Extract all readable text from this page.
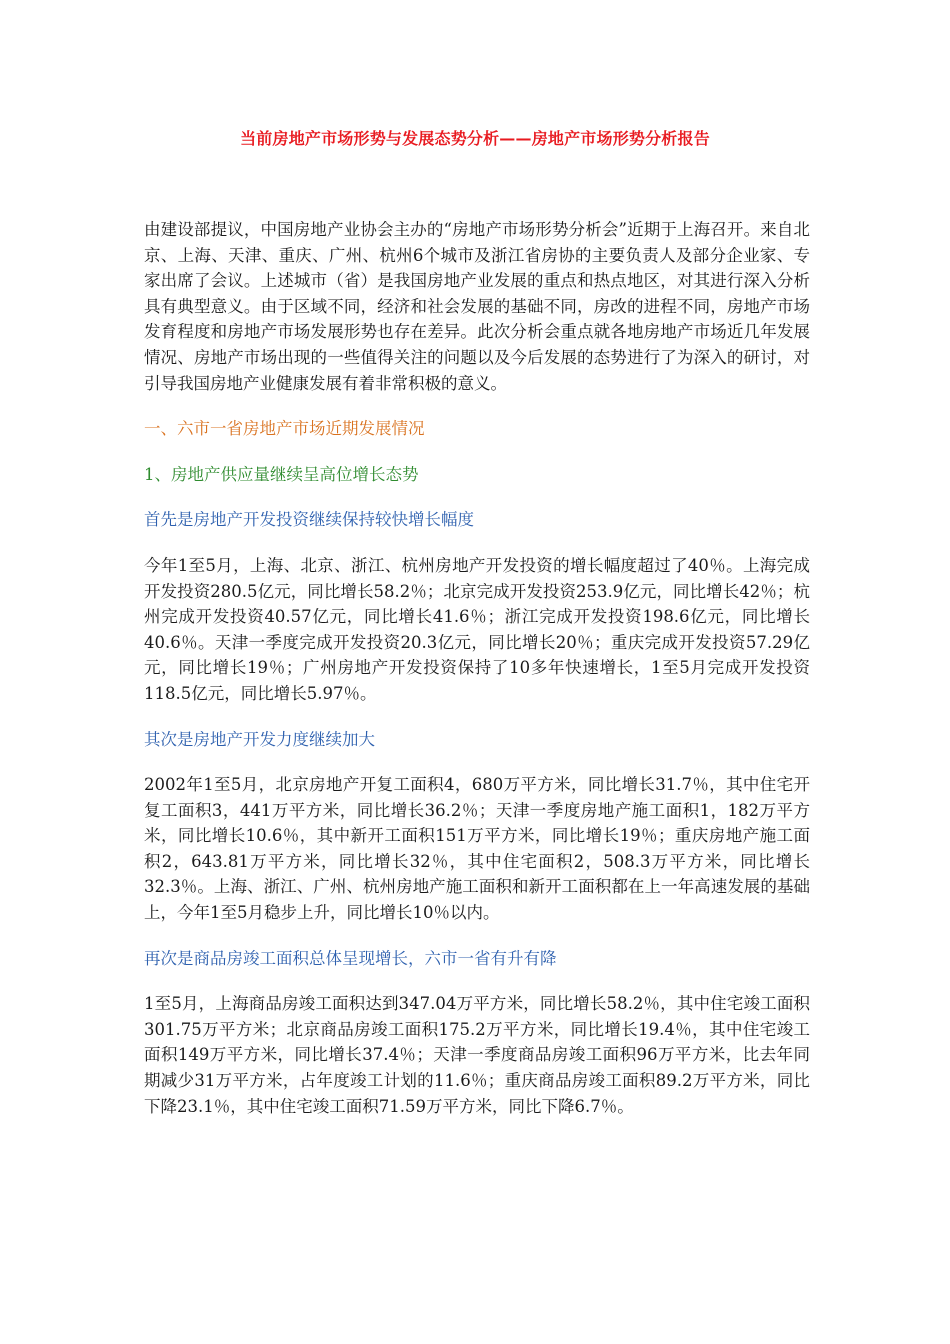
当前房地产市场形势与发展态势分析——房地产市场形势分析报告

由建设部提议，中国房地产业协会主办的“房地产市场形势分析会”近期于上海召开。来自北京、上海、天津、重庆、广州、杭州6个城市及浙江省房协的主要负责人及部分企业家、专家出席了会议。上述城市（省）是我国房地产业发展的重点和热点地区，对其进行深入分析具有典型意义。由于区域不同，经济和社会发展的基础不同，房改的进程不同，房地产市场发育程度和房地产市场发展形势也存在差异。此次分析会重点就各地房地产市场近几年发展情况、房地产市场出现的一些值得关注的问题以及今后发展的态势进行了为深入的研讨，对引导我国房地产业健康发展有着非常积极的意义。

一、六市一省房地产市场近期发展情况
1、房地产供应量继续呈高位增长态势
首先是房地产开发投资继续保持较快增长幅度

今年1至5月，上海、北京、浙江、杭州房地产开发投资的增长幅度超过了40％。上海完成开发投资280.5亿元，同比增长58.2％；北京完成开发投资253.9亿元，同比增长42％；杭州完成开发投资40.57亿元，同比增长41.6％；浙江完成开发投资198.6亿元，同比增长40.6％。天津一季度完成开发投资20.3亿元，同比增长20％；重庆完成开发投资57.29亿元，同比增长19％；广州房地产开发投资保持了10多年快速增长，1至5月完成开发投资118.5亿元，同比增长5.97％。

其次是房地产开发力度继续加大

2002年1至5月，北京房地产开复工面积4，680万平方米，同比增长31.7％，其中住宅开复工面积3，441万平方米，同比增长36.2％；天津一季度房地产施工面积1，182万平方米，同比增长10.6％，其中新开工面积151万平方米，同比增长19％；重庆房地产施工面积2，643.81万平方米，同比增长32％，其中住宅面积2，508.3万平方米，同比增长32.3％。上海、浙江、广州、杭州房地产施工面积和新开工面积都在上一年高速发展的基础上，今年1至5月稳步上升，同比增长10％以内。

再次是商品房竣工面积总体呈现增长，六市一省有升有降

1至5月，上海商品房竣工面积达到347.04万平方米，同比增长58.2％，其中住宅竣工面积301.75万平方米；北京商品房竣工面积175.2万平方米，同比增长19.4％，其中住宅竣工面积149万平方米，同比增长37.4％；天津一季度商品房竣工面积96万平方米，比去年同期减少31万平方米，占年度竣工计划的11.6％；重庆商品房竣工面积89.2万平方米，同比下降23.1％，其中住宅竣工面积71.59万平方米，同比下降6.7％。
